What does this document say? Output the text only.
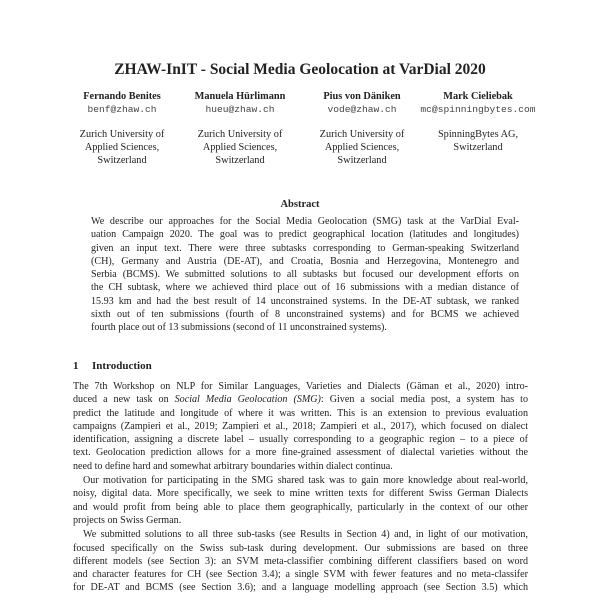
ZHAW-InIT - Social Media Geolocation at VarDial 2020
Fernando Benites
benf@zhaw.ch
Zurich University of
Applied Sciences,
Switzerland
Manuela Hürlimann
hueu@zhaw.ch
Zurich University of
Applied Sciences,
Switzerland
Pius von Däniken
vode@zhaw.ch
Zurich University of
Applied Sciences,
Switzerland
Mark Cieliebak
mc@spinningbytes.com
SpinningBytes AG,
Switzerland
Abstract
We describe our approaches for the Social Media Geolocation (SMG) task at the VarDial Eval-
uation Campaign 2020. The goal was to predict geographical location (latitudes and longitudes)
given an input text. There were three subtasks corresponding to German-speaking Switzerland
(CH), Germany and Austria (DE-AT), and Croatia, Bosnia and Herzegovina, Montenegro and
Serbia (BCMS). We submitted solutions to all subtasks but focused our development efforts on
the CH subtask, where we achieved third place out of 16 submissions with a median distance of
15.93 km and had the best result of 14 unconstrained systems. In the DE-AT subtask, we ranked
sixth out of ten submissions (fourth of 8 unconstrained systems) and for BCMS we achieved
fourth place out of 13 submissions (second of 11 unconstrained systems).
1 Introduction
The 7th Workshop on NLP for Similar Languages, Varieties and Dialects (Găman et al., 2020) intro-
duced a new task on Social Media Geolocation (SMG): Given a social media post, a system has to
predict the latitude and longitude of where it was written. This is an extension to previous evaluation
campaigns (Zampieri et al., 2019; Zampieri et al., 2018; Zampieri et al., 2017), which focused on dialect
identification, assigning a discrete label – usually corresponding to a geographic region – to a piece of
text. Geolocation prediction allows for a more fine-grained assessment of dialectal varieties without the
need to define hard and somewhat arbitrary boundaries within dialect continua.
Our motivation for participating in the SMG shared task was to gain more knowledge about real-world,
noisy, digital data. More specifically, we seek to mine written texts for different Swiss German Dialects
and would profit from being able to place them geographically, particularly in the context of our other
projects on Swiss German.
We submitted solutions to all three sub-tasks (see Results in Section 4) and, in light of our motivation,
focused specifically on the Swiss sub-task during development. Our submissions are based on three
different models (see Section 3): an SVM meta-classifier combining different classifiers based on word
and character features for CH (see Section 3.4); a single SVM with fewer features and no meta-classifer
for DE-AT and BCMS (see Section 3.6); and a language modelling approach (see Section 3.5) which
